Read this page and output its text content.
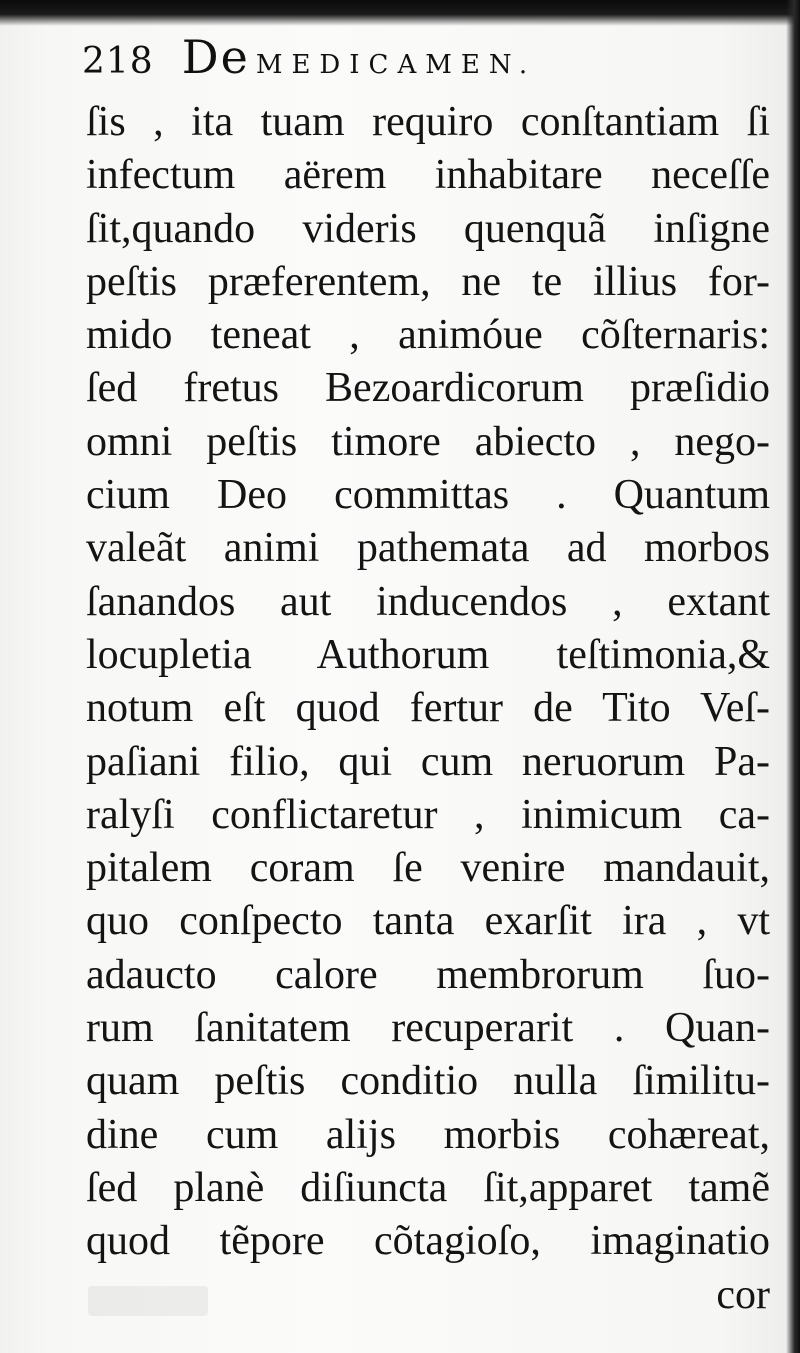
218 De MEDICAMEN.
ſis , ita tuam requiro conſtantiam ſi
infectum aërem inhabitare neceſſe
ſit,quando videris quenquã inſigne
peſtis præferentem, ne te illius for-
mido teneat , animóue cõſternaris:
ſed fretus Bezoardicorum præſidio
omni peſtis timore abiecto , nego-
cium Deo committas . Quantum
valeãt animi pathemata ad morbos
ſanandos aut inducendos , extant
locupletia Authorum teſtimonia,&
notum eſt quod fertur de Tito Veſ-
paſiani filio, qui cum neruorum Pa-
ralyſi conflictaretur , inimicum ca-
pitalem coram ſe venire mandauit,
quo conſpecto tanta exarſit ira , vt
adaucto calore membrorum ſuo-
rum ſanitatem recuperarit . Quan-
quam peſtis conditio nulla ſimilitu-
dine cum alijs morbis cohæreat,
ſed planè diſiuncta ſit,apparet tamẽ
quod tẽpore cõtagioſo, imaginatio
cor
